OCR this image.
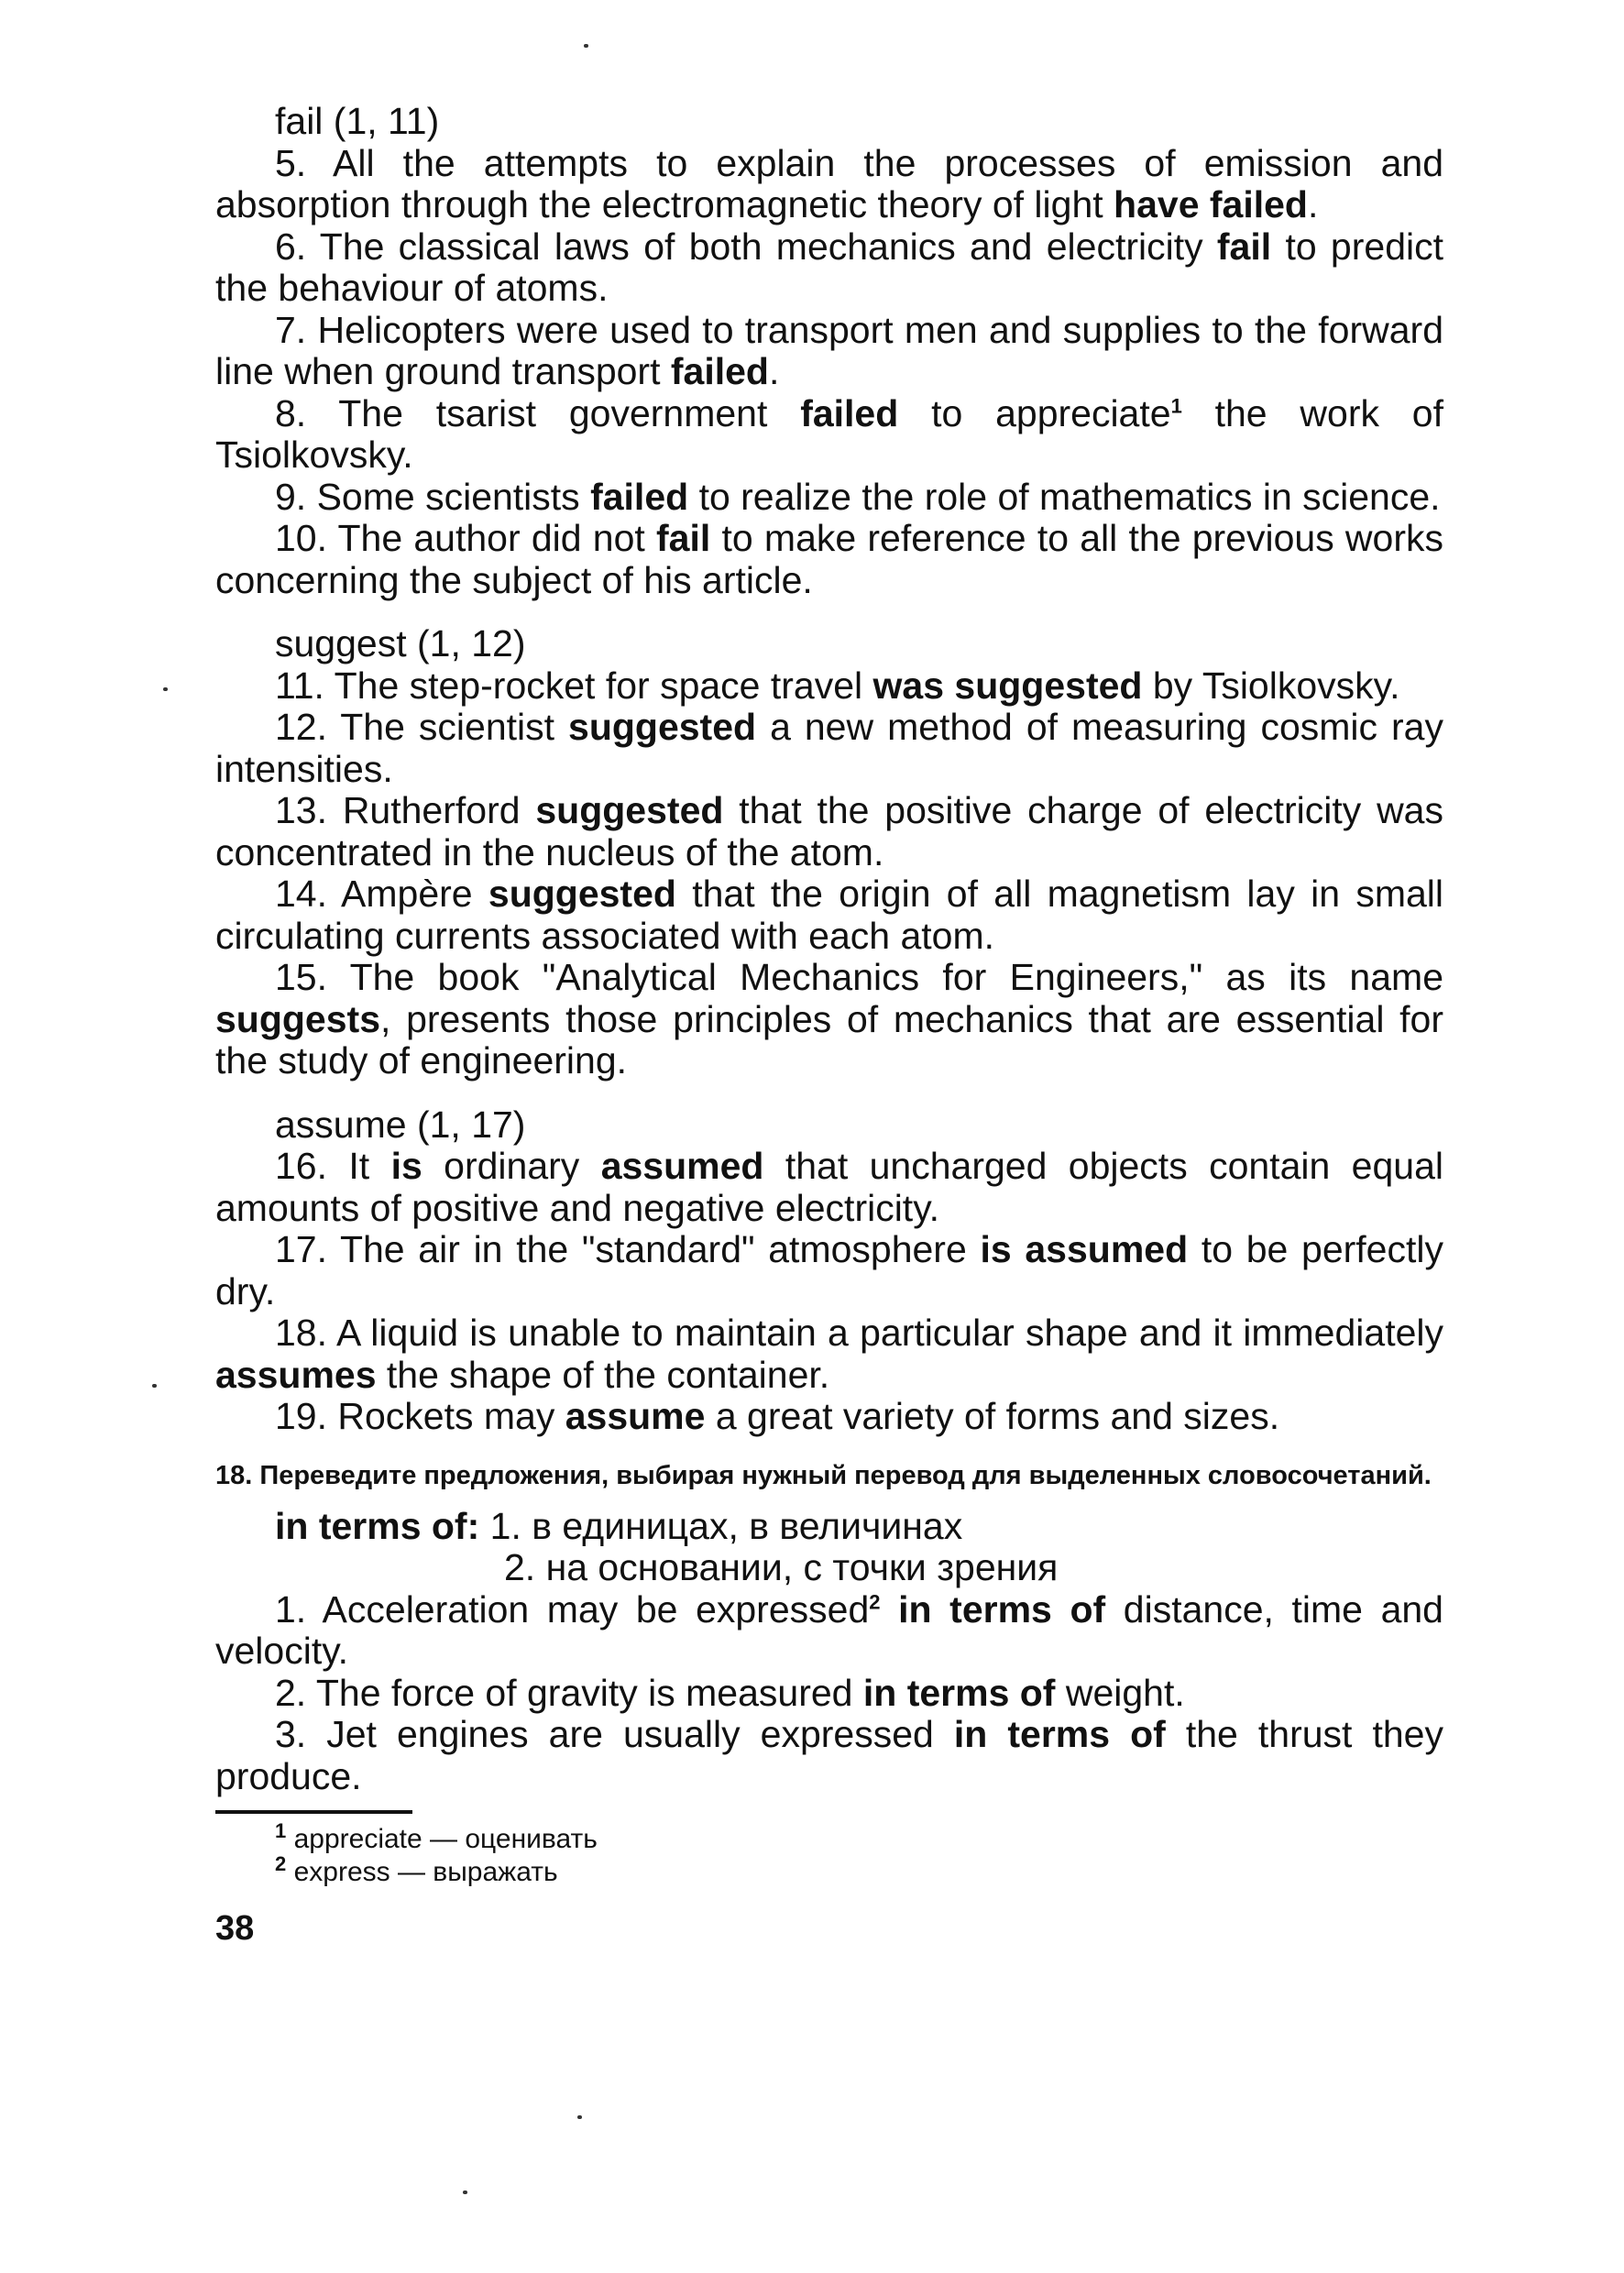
fail (1, 11)
5. All the attempts to explain the processes of emission and absorption through the electromagnetic theory of light have failed.
6. The classical laws of both mechanics and electricity fail to predict the behaviour of atoms.
7. Helicopters were used to transport men and supplies to the forward line when ground transport failed.
8. The tsarist government failed to appreciate$^1$ the work of Tsiolkovsky.
9. Some scientists failed to realize the role of mathematics in science.
10. The author did not fail to make reference to all the previous works concerning the subject of his article.
suggest (1, 12)
11. The step-rocket for space travel was suggested by Tsiolkovsky.
12. The scientist suggested a new method of measuring cosmic ray intensities.
13. Rutherford suggested that the positive charge of electricity was concentrated in the nucleus of the atom.
14. Ampère suggested that the origin of all magnetism lay in small circulating currents associated with each atom.
15. The book "Analytical Mechanics for Engineers," as its name suggests, presents those principles of mechanics that are essential for the study of engineering.
assume (1, 17)
16. It is ordinary assumed that uncharged objects contain equal amounts of positive and negative electricity.
17. The air in the "standard" atmosphere is assumed to be perfectly dry.
18. A liquid is unable to maintain a particular shape and it immediately assumes the shape of the container.
19. Rockets may assume a great variety of forms and sizes.
18. Переведите предложения, выбирая нужный перевод для выделенных словосочетаний.
in terms of: 1. в единицах, в величинах
2. на основании, с точки зрения
1. Acceleration may be expressed$^2$ in terms of distance, time and velocity.
2. The force of gravity is measured in terms of weight.
3. Jet engines are usually expressed in terms of the thrust they produce.
$^1$ appreciate — оценивать
$^2$ express — выражать
38
